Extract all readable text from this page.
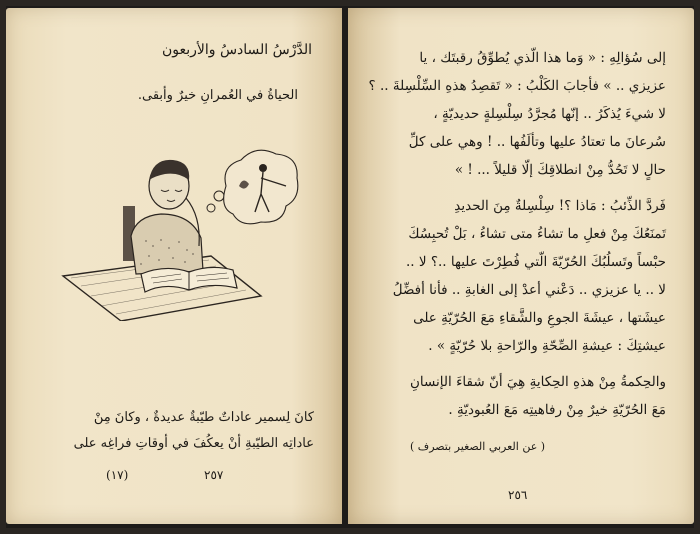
الدَّرْسُ السادسُ والأربعون
الحياةُ في العُمرانِ خيرٌ وأبقى.
كانَ لِسمير عاداتٌ طيّبةٌ عديدةٌ ، وكانَ مِنْ
عاداتِه الطيّبةِ أنْ يعكُفَ في أوقاتِ فراغِه على
(١٧)	٢٥٧
إلى سُؤالِهِ : « وَما هذا الّذي يُطوِّقُ رقبتَك ، يا
عزيزي .. » فأجابَ الكَلْبُ : « تَقصِدُ هذهِ السِّلْسِلةَ .. ؟
لا شيءَ يُذكَرُ .. إنّها مُجرَّدُ سِلْسِلةٍ حديديّةٍ ،
سُرعانَ ما تعتادُ عليها وتألَفُها .. ! وهي على كلِّ
حالٍ لا تَحُدُّ مِنْ انطلاقِكَ إلّا قليلاً ... ! »
فَردَّ الذِّئبُ : مَاذا ؟! سِلْسِلةٌ مِنَ الحديدِ
تَمنَعُكَ مِنْ فعلِ ما تشاءُ متى تشاءُ ، بَلْ تُحبِسُكَ
حبْساً وتَسلُبُكَ الحُرّيّةَ الّتي فُطِرْتَ عليها ..؟ لا ..
لا .. يا عزيزي .. دَعْني أعدْ إلى الغابةِ .. فأنا أفضِّلُ
عيشَتها ، عيشَةَ الجوعِ والشَّقاءِ مَعَ الحُرّيّةِ على
عيشتِكَ : عيشةِ الصِّحّةِ والرّاحةِ بلا حُرّيّةٍ » .
والحِكمةُ مِنْ هذهِ الحِكايةِ هِيَ أنّ شقاءَ الإنسانِ
مَعَ الحُرّيّةِ خيرٌ مِنْ رفاهيتِه مَعَ العُبوديّةِ .
( عن العربي الصغير بتصرف )
٢٥٦
